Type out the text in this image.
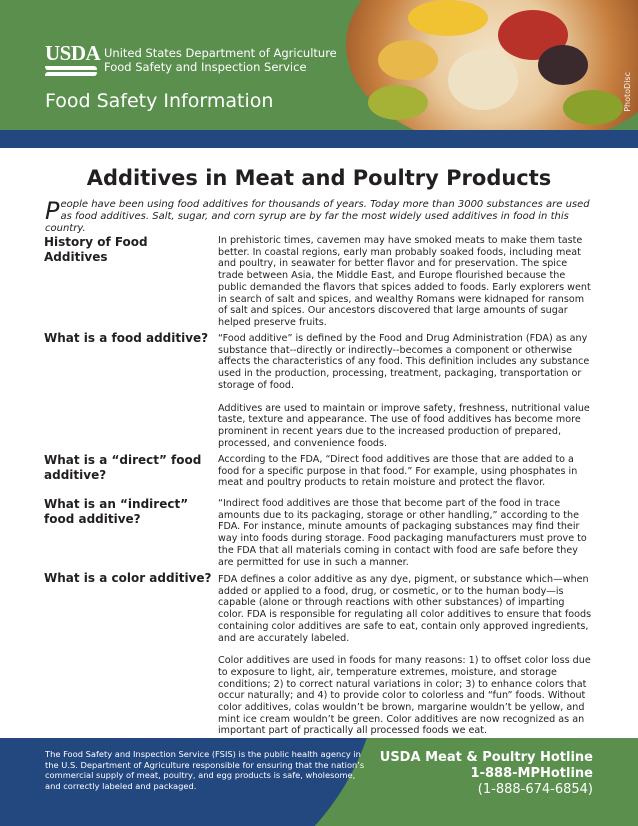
PhotoDisc
USDA United States Department of Agriculture
Food Safety and Inspection Service
Food Safety Information
Additives in Meat and Poultry Products
People have been using food additives for thousands of years. Today more than 3000 substances are used as food additives. Salt, sugar, and corn syrup are by far the most widely used additives in food in this country.
History of Food Additives

In prehistoric times, cavemen may have smoked meats to make them taste better. In coastal regions, early man probably soaked foods, including meat and poultry, in seawater for better flavor and for preservation. The spice trade between Asia, the Middle East, and Europe flourished because the public demanded the flavors that spices added to foods. Early explorers went in search of salt and spices, and wealthy Romans were kidnaped for ransom of salt and spices. Our ancestors discovered that large amounts of sugar helped preserve fruits.

What is a food additive?	“Food additive” is defined by the Food and Drug Administration (FDA) as any substance that--directly or indirectly--becomes a component or otherwise affects the characteristics of any food. This definition includes any substance used in the production, processing, treatment, packaging, transportation or storage of food.

Additives are used to maintain or improve safety, freshness, nutritional value taste, texture and appearance. The use of food additives has become more prominent in recent years due to the increased production of prepared, processed, and convenience foods.

What is a “direct” food additive?

According to the FDA, “Direct food additives are those that are added to a food for a specific purpose in that food.” For example, using phosphates in meat and poultry products to retain moisture and protect the flavor.

What is an “indirect” food additive?

“Indirect food additives are those that become part of the food in trace amounts due to its packaging, storage or other handling,” according to the FDA. For instance, minute amounts of packaging substances may find their way into foods during storage. Food packaging manufacturers must prove to the FDA that all materials coming in contact with food are safe before they are permitted for use in such a manner.

What is a color additive? FDA defines a color additive as any dye, pigment, or substance which—when added or applied to a food, drug, or cosmetic, or to the human body—is capable (alone or through reactions with other substances) of imparting color. FDA is responsible for regulating all color additives to ensure that foods containing color additives are safe to eat, contain only approved ingredients, and are accurately labeled.

Color additives are used in foods for many reasons: 1) to offset color loss due to exposure to light, air, temperature extremes, moisture, and storage conditions; 2) to correct natural variations in color; 3) to enhance colors that occur naturally; and 4) to provide color to colorless and “fun” foods. Without color additives, colas wouldn’t be brown, margarine wouldn’t be yellow, and mint ice cream wouldn’t be green. Color additives are now recognized as an important part of practically all processed foods we eat.

The Food Safety and Inspection Service (FSIS) is the public health agency in the U.S. Department of Agriculture responsible for ensuring that the nation’s commercial supply of meat, poultry, and egg products is safe, wholesome, and correctly labeled and packaged.
USDA Meat & Poultry Hotline
1-888-MPHotline
(1-888-674-6854)
